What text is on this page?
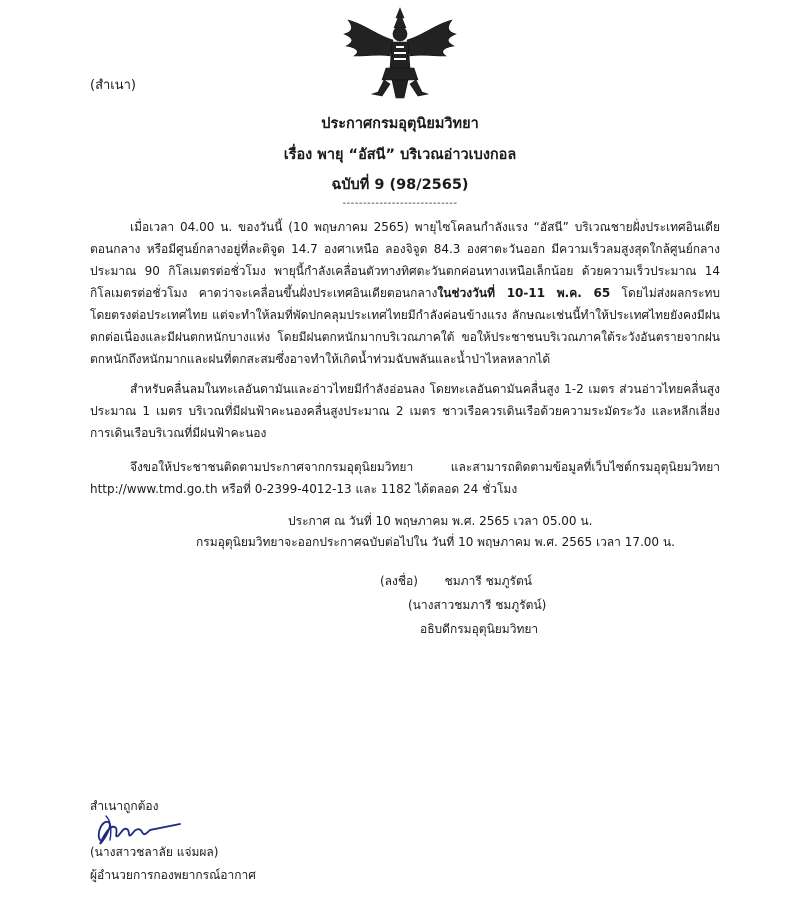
(สำเนา)
ประกาศกรมอุตุนิยมวิทยา
เรื่อง พายุ “อัสนี” บริเวณอ่าวเบงกอล
ฉบับที่ 9 (98/2565)
----------------------------
เมื่อเวลา 04.00 น. ของวันนี้ (10 พฤษภาคม 2565) พายุไซโคลนกำลังแรง “อัสนี” บริเวณชายฝั่งประเทศอินเดียตอนกลาง หรือมีศูนย์กลางอยู่ที่ละติจูด 14.7 องศาเหนือ ลองจิจูด 84.3 องศาตะวันออก มีความเร็วลมสูงสุดใกล้ศูนย์กลางประมาณ 90 กิโลเมตรต่อชั่วโมง พายุนี้กำลังเคลื่อนตัวทางทิศตะวันตกค่อนทางเหนือเล็กน้อย ด้วยความเร็วประมาณ 14 กิโลเมตรต่อชั่วโมง คาดว่าจะเคลื่อนขึ้นฝั่งประเทศอินเดียตอนกลางในช่วงวันที่ 10-11 พ.ค. 65 โดยไม่ส่งผลกระทบโดยตรงต่อประเทศไทย แต่จะทำให้ลมที่พัดปกคลุมประเทศไทยมีกำลังค่อนข้างแรง ลักษณะเช่นนี้ทำให้ประเทศไทยยังคงมีฝนตกต่อเนื่องและมีฝนตกหนักบางแห่ง โดยมีฝนตกหนักมากบริเวณภาคใต้ ขอให้ประชาชนบริเวณภาคใต้ระวังอันตรายจากฝนตกหนักถึงหนักมากและฝนที่ตกสะสมซึ่งอาจทำให้เกิดน้ำท่วมฉับพลันและน้ำป่าไหลหลากได้
สำหรับคลื่นลมในทะเลอันดามันและอ่าวไทยมีกำลังอ่อนลง โดยทะเลอันดามันคลื่นสูง 1-2 เมตร ส่วนอ่าวไทยคลื่นสูงประมาณ 1 เมตร บริเวณที่มีฝนฟ้าคะนองคลื่นสูงประมาณ 2 เมตร ชาวเรือควรเดินเรือด้วยความระมัดระวัง และหลีกเลี่ยงการเดินเรือบริเวณที่มีฝนฟ้าคะนอง
จึงขอให้ประชาชนติดตามประกาศจากกรมอุตุนิยมวิทยา และสามารถติดตามข้อมูลที่เว็บไซต์กรมอุตุนิยมวิทยา http://www.tmd.go.th หรือที่ 0-2399-4012-13 และ 1182 ได้ตลอด 24 ชั่วโมง
ประกาศ ณ วันที่ 10 พฤษภาคม พ.ศ. 2565 เวลา 05.00 น.
กรมอุตุนิยมวิทยาจะออกประกาศฉบับต่อไปใน วันที่ 10 พฤษภาคม พ.ศ. 2565 เวลา 17.00 น.
(ลงชื่อ)       ชมภารี ชมภูรัตน์
(นางสาวชมภารี ชมภูรัตน์)
อธิบดีกรมอุตุนิยมวิทยา
สำเนาถูกต้อง
(นางสาวชลาลัย แจ่มผล)
ผู้อำนวยการกองพยากรณ์อากาศ
